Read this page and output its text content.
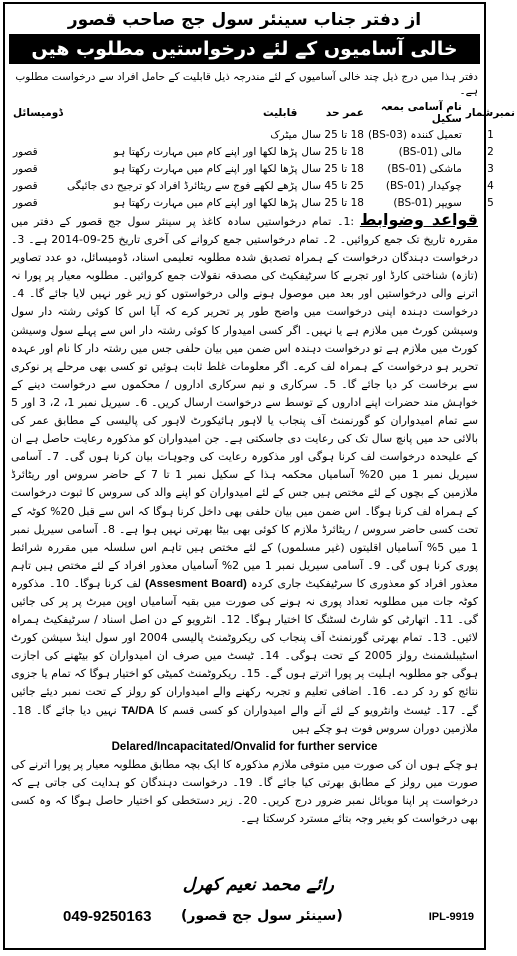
از دفتر جناب سینئر سول جج صاحب قصور
خالی آسامیوں کے لئے درخواستیں مطلوب ھیں
دفتر ہذا میں درج ذیل چند خالی آسامیوں کے لئے مندرجہ ذیل قابلیت کے حامل افراد سے درخواست مطلوب ہے۔
نمبرشمار	نام آسامی بمعہ سکیل	عمر حد	قابلیت	ڈومیسائل
1	تعمیل کنندہ (BS-03)	18 تا 25 سال	میٹرک	
2	مالی (BS-01)	18 تا 25 سال	پڑھا لکھا اور اپنے کام میں مہارت رکھتا ہو	قصور
3	ماشکی (BS-01)	18 تا 25 سال	پڑھا لکھا اور اپنے کام میں مہارت رکھتا ہو	قصور
4	چوکیدار (BS-01)	25 تا 45 سال	پڑھے لکھے فوج سے ریٹائرڈ افراد کو ترجیح دی جائیگی	قصور
5	سویپر (BS-01)	18 تا 25 سال	پڑھا لکھا اور اپنے کام میں مہارت رکھتا ہو	قصور
قواعد وضوابط :1۔ تمام درخواستیں سادہ کاغذ پر سینئر سول جج قصور کے دفتر میں مقررہ تاریخ تک جمع کروائیں۔ 2۔ تمام درخواستیں جمع کروانے کی آخری تاریخ 25-09-2014 ہے۔ 3۔ درخواست دہندگان درخواست کے ہمراہ تصدیق شدہ مطلوبہ تعلیمی اسناد، ڈومیسائل، دو عدد تصاویر (تازہ) شناختی کارڈ اور تجربے کا سرٹیفکیٹ کی مصدقہ نقولات جمع کروائیں۔ مطلوبہ معیار پر پورا نہ اترنے والی درخواستیں اور بعد میں موصول ہونے والی درخواستوں کو زیر غور نہیں لایا جائے گا۔ 4۔ درخواست دہندہ اپنی درخواست میں واضح طور پر تحریر کرے کہ آیا اس کا کوئی رشتہ دار سول وسیشن کورٹ میں ملازم ہے یا نہیں۔ اگر کسی امیدوار کا کوئی رشتہ دار اس سے پہلے سول وسیشن کورٹ میں ملازم ہے تو درخواست دہندہ اس ضمن میں بیان حلفی جس میں رشتہ دار کا نام اور عہدہ تحریر ہو درخواست کے ہمراہ لف کرے۔ اگر معلومات غلط ثابت ہوئیں تو کسی بھی مرحلے پر نوکری سے برخاست کر دیا جائے گا۔ 5۔ سرکاری و نیم سرکاری اداروں / محکموں سے درخواست دینے کے خواہش مند حضرات اپنے اداروں کے توسط سے درخواست ارسال کریں۔ 6۔ سیریل نمبر 1، 2، 3 اور 5 سے تمام امیدواران کو گورنمنٹ آف پنجاب یا لاہور ہائیکورٹ لاہور کی پالیسی کے مطابق عمر کی بالائی حد میں پانچ سال تک کی رعایت دی جاسکتی ہے۔ جن امیدواران کو مذکورہ رعایت حاصل ہے ان کے علیحدہ درخواست لف کرنا ہوگی اور مذکورہ رعایت کی وجوہات بیان کرنا ہوں گی۔ 7۔ آسامی سیریل نمبر 1 میں 20% آسامیاں محکمہ ہذا کے سکیل نمبر 1 تا 7 کے حاضر سروس اور ریٹائرڈ ملازمین کے بچوں کے لئے مختص ہیں جس کے لئے امیدواران کو اپنے والد کی سروس کا ثبوت درخواست کے ہمراہ لف کرنا ہوگا۔ اس ضمن میں بیان حلفی بھی داخل کرنا ہوگا کہ اس سے قبل 20% کوٹہ کے تحت کسی حاضر سروس / ریٹائرڈ ملازم کا کوئی بھی بیٹا بھرتی نہیں ہوا ہے۔ 8۔ آسامی سیریل نمبر 1 میں 5% آسامیاں اقلیتوں (غیر مسلموں) کے لئے مختص ہیں تاہم اس سلسلہ میں مقررہ شرائط پوری کرنا ہوں گی۔ 9۔ آسامی سیریل نمبر 1 میں 2% آسامیاں معذور افراد کے لئے مختص ہیں تاہم معذور افراد کو معذوری کا سرٹیفکیٹ جاری کردہ (Assesment Board) لف کرنا ہوگا۔ 10۔ مذکورہ کوٹہ جات میں مطلوبہ تعداد پوری نہ ہونے کی صورت میں بقیہ آسامیاں اوپن میرٹ پر پر کی جائیں گی۔ 11۔ اتھارٹی کو شارٹ لسٹنگ کا اختیار ہوگا۔ 12۔ انٹرویو کے دن اصل اسناد / سرٹیفکیٹ ہمراہ لائیں۔ 13۔ تمام بھرتی گورنمنٹ آف پنجاب کی ریکروٹمنٹ پالیسی 2004 اور سول اینڈ سیشن کورٹ اسٹیبلشمنٹ رولز 2005 کے تحت ہوگی۔ 14۔ ٹیسٹ میں صرف ان امیدواران کو بیٹھنے کی اجازت ہوگی جو مطلوبہ اہلیت پر پورا اترتے ہوں گے۔ 15۔ ریکروٹمنٹ کمیٹی کو اختیار ہوگا کہ تمام یا جزوی نتائج کو رد کر دے۔ 16۔ اضافی تعلیم و تجربہ رکھنے والے امیدواران کو رولز کے تحت نمبر دیئے جائیں گے۔ 17۔ ٹیسٹ وانٹرویو کے لئے آنے والے امیدواران کو کسی قسم کا TA/DA نہیں دیا جائے گا۔ 18۔ ملازمین دوران سروس فوت ہو چکے ہیں
Delared/Incapacitated/Onvalid for further service
ہو چکے ہوں ان کی صورت میں متوفی ملازم مذکورہ کا ایک بچہ مطابق مطلوبہ معیار پر پورا اترنے کی صورت میں رولز کے مطابق بھرتی کیا جائے گا۔ 19۔ درخواست دہندگان کو ہدایت کی جاتی ہے کہ درخواست پر اپنا موبائل نمبر ضرور درج کریں۔ 20۔ زیر دستخطی کو اختیار حاصل ہوگا کہ وہ کسی بھی درخواست کو بغیر وجہ بتائے مسترد کرسکتا ہے۔
رائے محمد نعیم کھرل
049-9250163 (سینئر سول جج قصور)	IPL-9919
